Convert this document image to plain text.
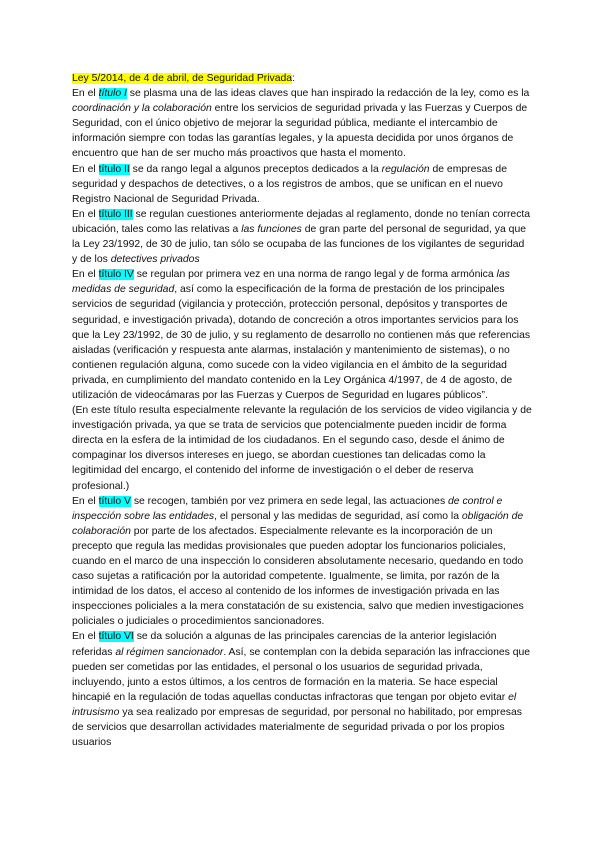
Ley 5/2014, de 4 de abril, de Seguridad Privada:

En el título I se plasma una de las ideas claves que han inspirado la redacción de la ley, como es la coordinación y la colaboración entre los servicios de seguridad privada y las Fuerzas y Cuerpos de Seguridad, con el único objetivo de mejorar la seguridad pública, mediante el intercambio de información siempre con todas las garantías legales, y la apuesta decidida por unos órganos de encuentro que han de ser mucho más proactivos que hasta el momento.

En el título II se da rango legal a algunos preceptos dedicados a la regulación de empresas de seguridad y despachos de detectives, o a los registros de ambos, que se unifican en el nuevo Registro Nacional de Seguridad Privada.

En el título III se regulan cuestiones anteriormente dejadas al reglamento, donde no tenían correcta ubicación, tales como las relativas a las funciones de gran parte del personal de seguridad, ya que la Ley 23/1992, de 30 de julio, tan sólo se ocupaba de las funciones de los vigilantes de seguridad y de los detectives privados

En el título IV se regulan por primera vez en una norma de rango legal y de forma armónica las medidas de seguridad, así como la especificación de la forma de prestación de los principales servicios de seguridad (vigilancia y protección, protección personal, depósitos y transportes de seguridad, e investigación privada), dotando de concreción a otros importantes servicios para los que la Ley 23/1992, de 30 de julio, y su reglamento de desarrollo no contienen más que referencias aisladas (verificación y respuesta ante alarmas, instalación y mantenimiento de sistemas), o no contienen regulación alguna, como sucede con la video vigilancia en el ámbito de la seguridad privada, en cumplimiento del mandato contenido en la Ley Orgánica 4/1997, de 4 de agosto, de utilización de videocámaras por las Fuerzas y Cuerpos de Seguridad en lugares públicos”.

(En este título resulta especialmente relevante la regulación de los servicios de video vigilancia y de investigación privada, ya que se trata de servicios que potencialmente pueden incidir de forma directa en la esfera de la intimidad de los ciudadanos. En el segundo caso, desde el ánimo de compaginar los diversos intereses en juego, se abordan cuestiones tan delicadas como la legitimidad del encargo, el contenido del informe de investigación o el deber de reserva profesional.)

En el título V se recogen, también por vez primera en sede legal, las actuaciones de control e inspección sobre las entidades, el personal y las medidas de seguridad, así como la obligación de colaboración por parte de los afectados. Especialmente relevante es la incorporación de un precepto que regula las medidas provisionales que pueden adoptar los funcionarios policiales, cuando en el marco de una inspección lo consideren absolutamente necesario, quedando en todo caso sujetas a ratificación por la autoridad competente. Igualmente, se limita, por razón de la intimidad de los datos, el acceso al contenido de los informes de investigación privada en las inspecciones policiales a la mera constatación de su existencia, salvo que medien investigaciones policiales o judiciales o procedimientos sancionadores.

En el título VI se da solución a algunas de las principales carencias de la anterior legislación referidas al régimen sancionador. Así, se contemplan con la debida separación las infracciones que pueden ser cometidas por las entidades, el personal o los usuarios de seguridad privada, incluyendo, junto a estos últimos, a los centros de formación en la materia. Se hace especial hincapié en la regulación de todas aquellas conductas infractoras que tengan por objeto evitar el intrusismo ya sea realizado por empresas de seguridad, por personal no habilitado, por empresas de servicios que desarrollan actividades materialmente de seguridad privada o por los propios usuarios
